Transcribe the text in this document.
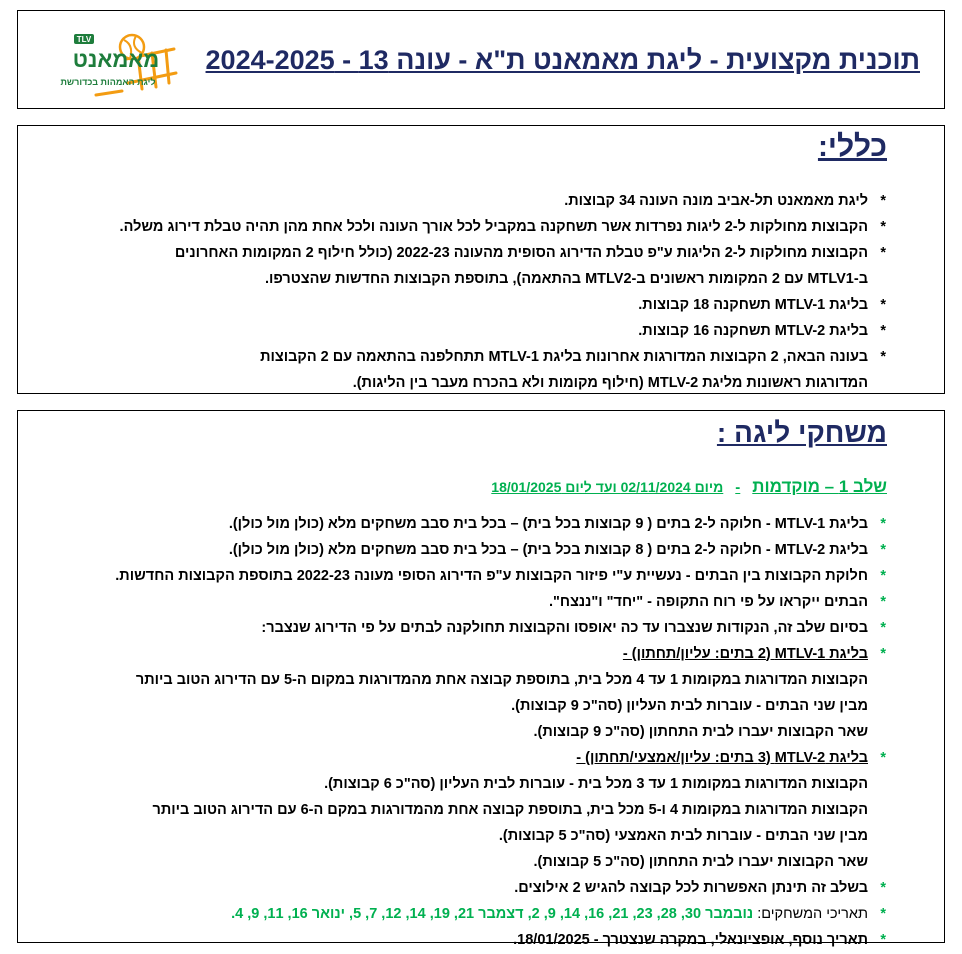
TLV
מאמאנט
ליגת האמהות בכדורשת
תוכנית מקצועית - ליגת מאמאנט ת"א - עונה 13 - 2024-2025
כללי:
*
ליגת מאמאנט תל-אביב מונה העונה 34 קבוצות.
*
הקבוצות מחולקות ל-2 ליגות נפרדות אשר תשחקנה במקביל לכל אורך העונה ולכל אחת מהן תהיה טבלת דירוג משלה.
*
הקבוצות מחולקות ל-2 הליגות ע"פ טבלת הדירוג הסופית מהעונה 2022-23 (כולל חילוף 2 המקומות האחרונים
ב-MTLV1 עם 2 המקומות ראשונים ב-MTLV2 בהתאמה), בתוספת הקבוצות החדשות שהצטרפו.
*
בליגת MTLV-1 תשחקנה 18 קבוצות.
*
בליגת MTLV-2 תשחקנה 16 קבוצות.
*
בעונה הבאה, 2 הקבוצות המדורגות אחרונות בליגת MTLV-1 תתחלפנה בהתאמה עם 2 הקבוצות
המדורגות ראשונות מליגת MTLV-2 (חילוף מקומות ולא בהכרח מעבר בין הליגות).
משחקי ליגה :
שלב 1 – מוקדמות-מיום 02/11/2024 ועד ליום 18/01/2025
*
בליגת MTLV-1 - חלוקה ל-2 בתים ( 9 קבוצות בכל בית) – בכל בית סבב משחקים מלא (כולן מול כולן).
*
בליגת MTLV-2 - חלוקה ל-2 בתים ( 8 קבוצות בכל בית) – בכל בית סבב משחקים מלא (כולן מול כולן).
*
חלוקת הקבוצות בין הבתים - נעשיית ע"י פיזור הקבוצות ע"פ הדירוג הסופי מעונה 2022-23 בתוספת הקבוצות החדשות.
*
הבתים ייקראו על פי רוח התקופה - "יחד" ו"ננצח".
*
בסיום שלב זה, הנקודות שנצברו עד כה יאופסו והקבוצות תחולקנה לבתים על פי הדירוג שנצבר:
*
בליגת MTLV-1 (2 בתים: עליון/תחתון) -
הקבוצות המדורגות במקומות 1 עד 4 מכל בית, בתוספת קבוצה אחת מהמדורגות במקום ה-5 עם הדירוג הטוב ביותר
מבין שני הבתים - עוברות לבית העליון (סה"כ 9 קבוצות).
שאר הקבוצות יעברו לבית התחתון (סה"כ 9 קבוצות).
*
בליגת MTLV-2 (3 בתים: עליון/אמצעי/תחתון) -
הקבוצות המדורגות במקומות 1 עד 3 מכל בית - עוברות לבית העליון (סה"כ 6 קבוצות).
הקבוצות המדורגות במקומות 4 ו-5 מכל בית, בתוספת קבוצה אחת מהמדורגות במקם ה-6 עם הדירוג הטוב ביותר
מבין שני הבתים - עוברות לבית האמצעי (סה"כ 5 קבוצות).
שאר הקבוצות יעברו לבית התחתון (סה"כ 5 קבוצות).
*
בשלב זה תינתן האפשרות לכל קבוצה להגיש 2 אילוצים.
*
תאריכי המשחקים: נובמבר 30, 28, 23, 21, 16, 14, 9, 2, דצמבר 21, 19, 14, 12, 7, 5, ינואר 16, 11, 9, 4.
*
תאריך נוסף, אופציונאלי, במקרה שנצטרך - 18/01/2025.
